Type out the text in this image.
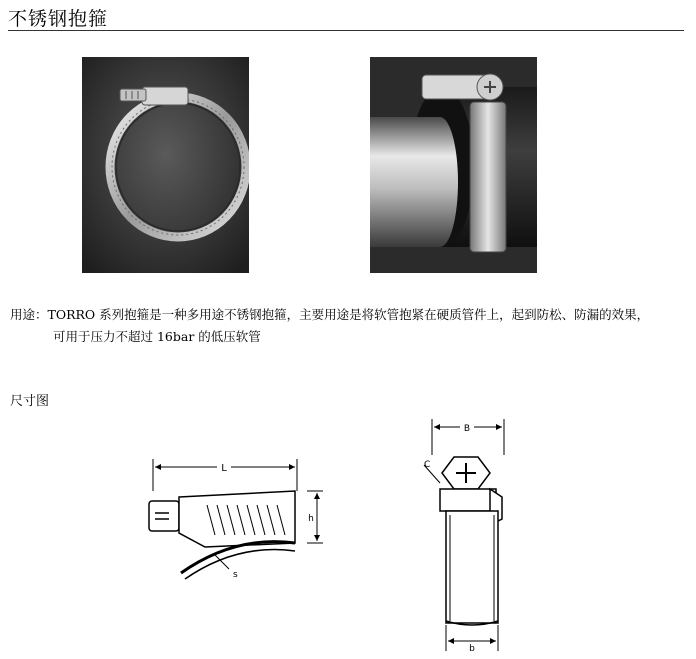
不锈钢抱箍
用途：TORRO 系列抱箍是一种多用途不锈钢抱箍，主要用途是将软管抱紧在硬质管件上，起到防松、防漏的效果，
可用于压力不超过 16bar 的低压软管
尺寸图
L
h
s
B
C
b
